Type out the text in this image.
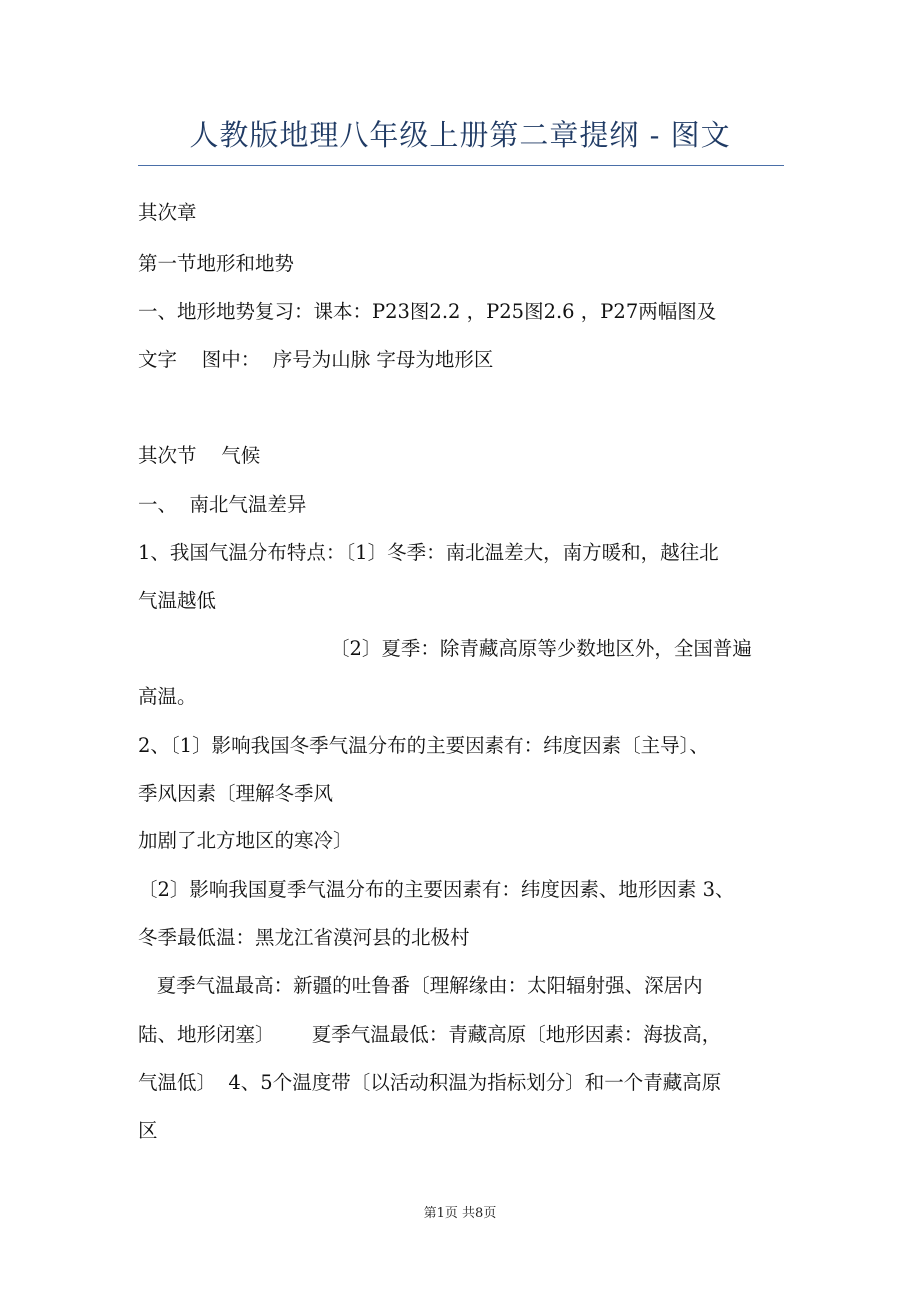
人教版地理八年级上册第二章提纲 - 图文

其次章

第一节地形和地势

一、地形地势复习：课本：P23图2.2 ，P25图2.6 ，P27两幅图及

文字    图中：  序号为山脉 字母为地形区

其次节    气候

一、  南北气温差异

1、我国气温分布特点：〔1〕冬季：南北温差大，南方暖和，越往北

气温越低

〔2〕夏季：除青藏高原等少数地区外，全国普遍

高温。

2、〔1〕影响我国冬季气温分布的主要因素有：纬度因素〔主导〕、

季风因素〔理解冬季风

加剧了北方地区的寒冷〕

〔2〕影响我国夏季气温分布的主要因素有：纬度因素、地形因素 3、

冬季最低温：黑龙江省漠河县的北极村

夏季气温最高：新疆的吐鲁番〔理解缘由：太阳辐射强、深居内

陆、地形闭塞〕      夏季气温最低：青藏高原〔地形因素：海拔高，

气温低〕  4、5个温度带〔以活动积温为指标划分〕和一个青藏高原

区

第1页 共8页
